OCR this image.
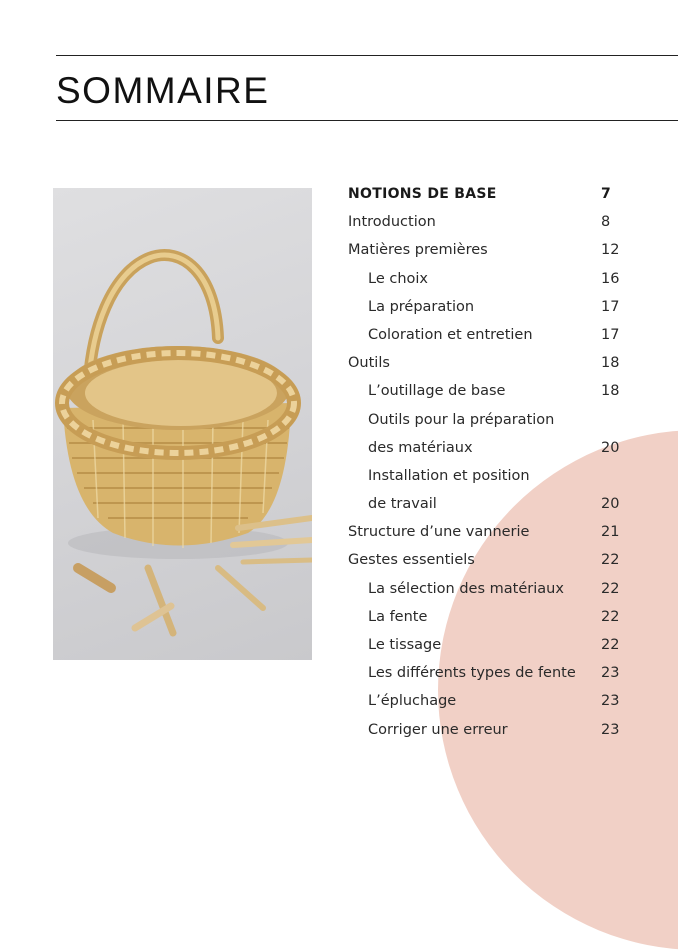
SOMMAIRE
NOTIONS DE BASE	7
Introduction	8
Matières premières	12
Le choix	16
La préparation	17
Coloration et entretien	17
Outils	18
L’outillage de base	18
Outils pour la préparation
des matériaux	20
Installation et position
de travail	20
Structure d’une vannerie	21
Gestes essentiels	22
La sélection des matériaux	22
La fente	22
Le tissage	22
Les différents types de fente 23
L’épluchage	23
Corriger une erreur	23
